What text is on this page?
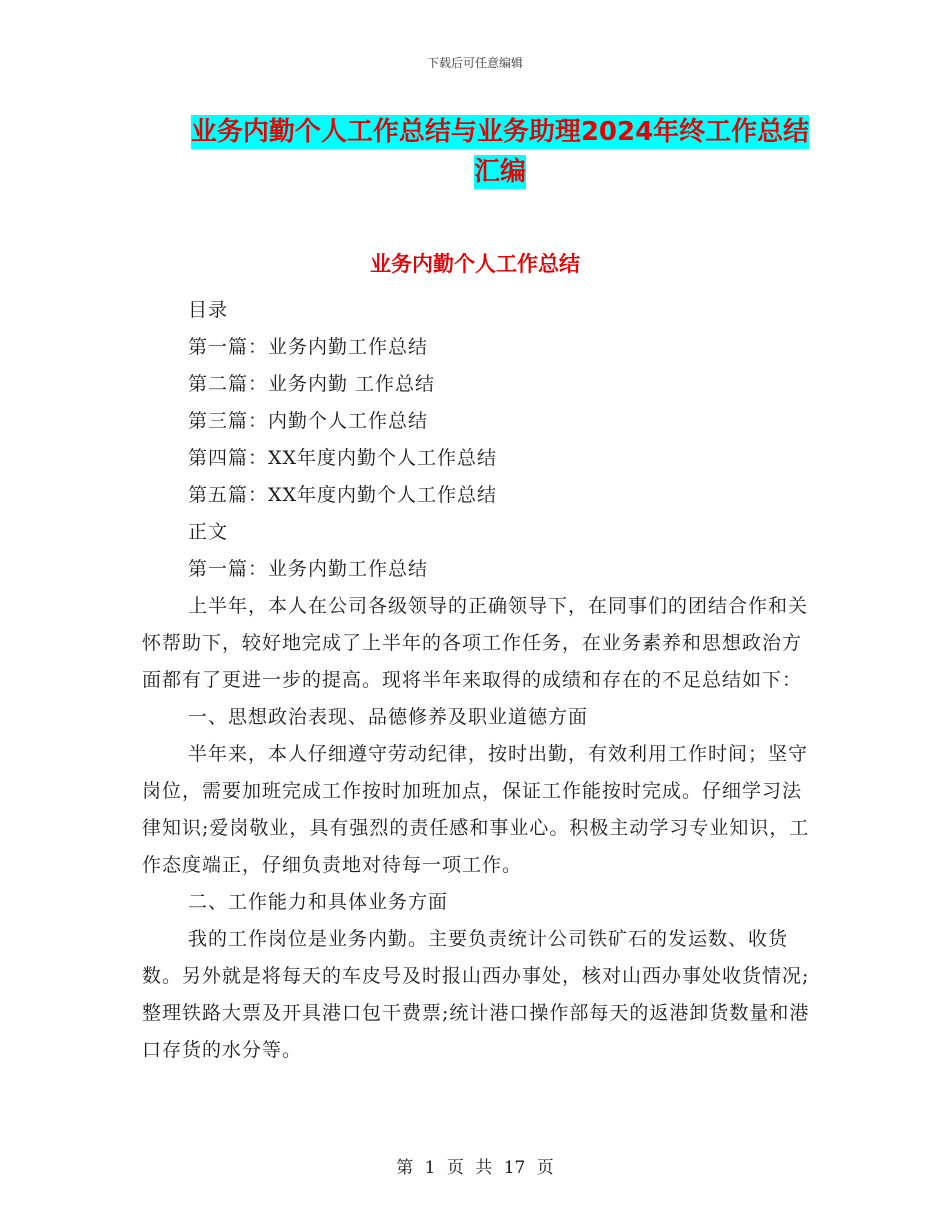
下载后可任意编辑
业务内勤个人工作总结与业务助理2024年终工作总结
汇编
业务内勤个人工作总结

目录

第一篇：业务内勤工作总结

第二篇：业务内勤 工作总结

第三篇：内勤个人工作总结

第四篇：XX年度内勤个人工作总结

第五篇：XX年度内勤个人工作总结

正文

第一篇：业务内勤工作总结

上半年，本人在公司各级领导的正确领导下，在同事们的团结合作和关怀帮助下，较好地完成了上半年的各项工作任务，在业务素养和思想政治方面都有了更进一步的提高。现将半年来取得的成绩和存在的不足总结如下：

一、思想政治表现、品德修养及职业道德方面

半年来，本人仔细遵守劳动纪律，按时出勤，有效利用工作时间；坚守岗位，需要加班完成工作按时加班加点，保证工作能按时完成。仔细学习法律知识;爱岗敬业，具有强烈的责任感和事业心。积极主动学习专业知识，工作态度端正，仔细负责地对待每一项工作。

二、工作能力和具体业务方面

我的工作岗位是业务内勤。主要负责统计公司铁矿石的发运数、收货数。另外就是将每天的车皮号及时报山西办事处，核对山西办事处收货情况;整理铁路大票及开具港口包干费票;统计港口操作部每天的返港卸货数量和港口存货的水分等。

第 1 页 共 17 页
